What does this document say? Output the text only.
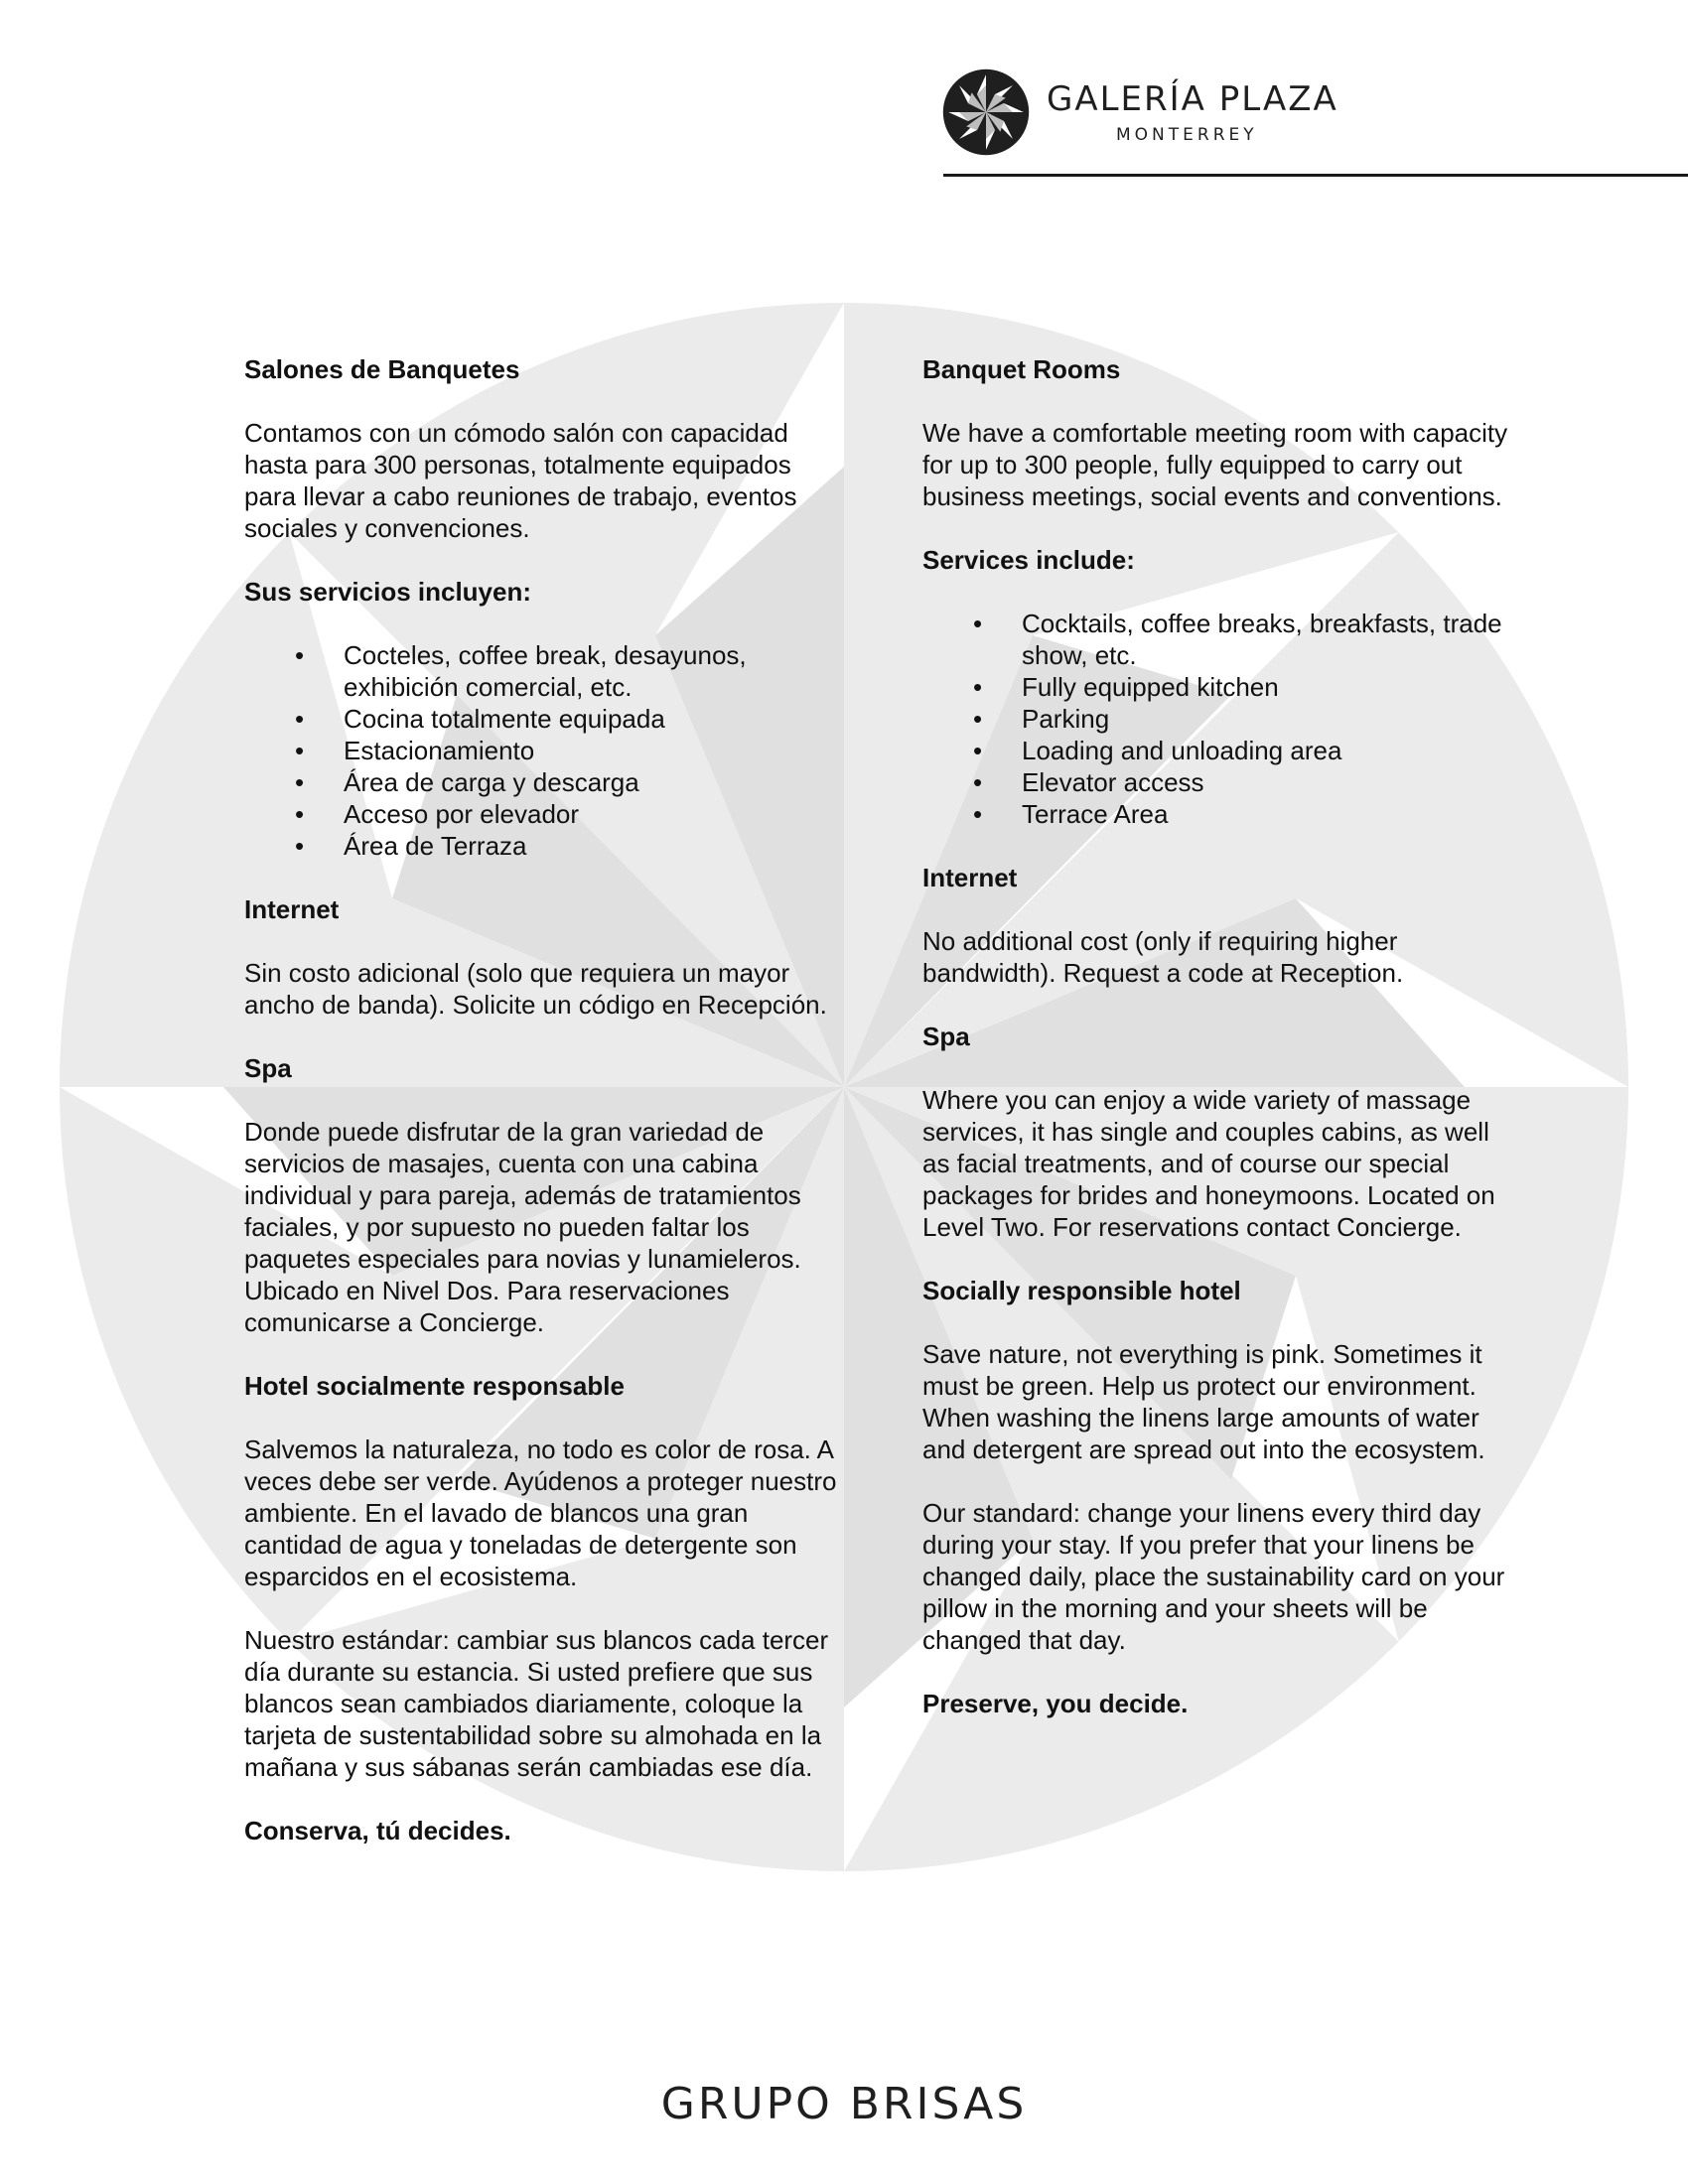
GALERÍA PLAZA
MONTERREY
Salones de Banquetes

Contamos con un cómodo salón con capacidad hasta para 300 personas, totalmente equipados para llevar a cabo reuniones de trabajo, eventos sociales y convenciones.

Sus servicios incluyen:
• Cocteles, coffee break, desayunos, exhibición comercial, etc.
• Cocina totalmente equipada
• Estacionamiento
• Área de carga y descarga
• Acceso por elevador
• Área de Terraza
Internet

Sin costo adicional (solo que requiera un mayor ancho de banda). Solicite un código en Recepción.

Spa

Donde puede disfrutar de la gran variedad de servicios de masajes, cuenta con una cabina individual y para pareja, además de tratamientos faciales, y por supuesto no pueden faltar los paquetes especiales para novias y lunamieleros. Ubicado en Nivel Dos. Para reservaciones comunicarse a Concierge.

Hotel socialmente responsable

Salvemos la naturaleza, no todo es color de rosa. A veces debe ser verde. Ayúdenos a proteger nuestro ambiente. En el lavado de blancos una gran cantidad de agua y toneladas de detergente son esparcidos en el ecosistema.

Nuestro estándar: cambiar sus blancos cada tercer día durante su estancia. Si usted prefiere que sus blancos sean cambiados diariamente, coloque la tarjeta de sustentabilidad sobre su almohada en la mañana y sus sábanas serán cambiadas ese día.

Conserva, tú decides.

Banquet Rooms

We have a comfortable meeting room with capacity for up to 300 people, fully equipped to carry out business meetings, social events and conventions.

Services include:
• Cocktails, coffee breaks, breakfasts, trade show, etc.
• Fully equipped kitchen
• Parking
• Loading and unloading area
• Elevator access
• Terrace Area
Internet

No additional cost (only if requiring higher bandwidth). Request a code at Reception.

Spa

Where you can enjoy a wide variety of massage services, it has single and couples cabins, as well as facial treatments, and of course our special packages for brides and honeymoons. Located on Level Two. For reservations contact Concierge.

Socially responsible hotel

Save nature, not everything is pink. Sometimes it must be green. Help us protect our environment. When washing the linens large amounts of water and detergent are spread out into the ecosystem.

Our standard: change your linens every third day during your stay. If you prefer that your linens be changed daily, place the sustainability card on your pillow in the morning and your sheets will be changed that day.

Preserve, you decide.

GRUPO BRISAS
